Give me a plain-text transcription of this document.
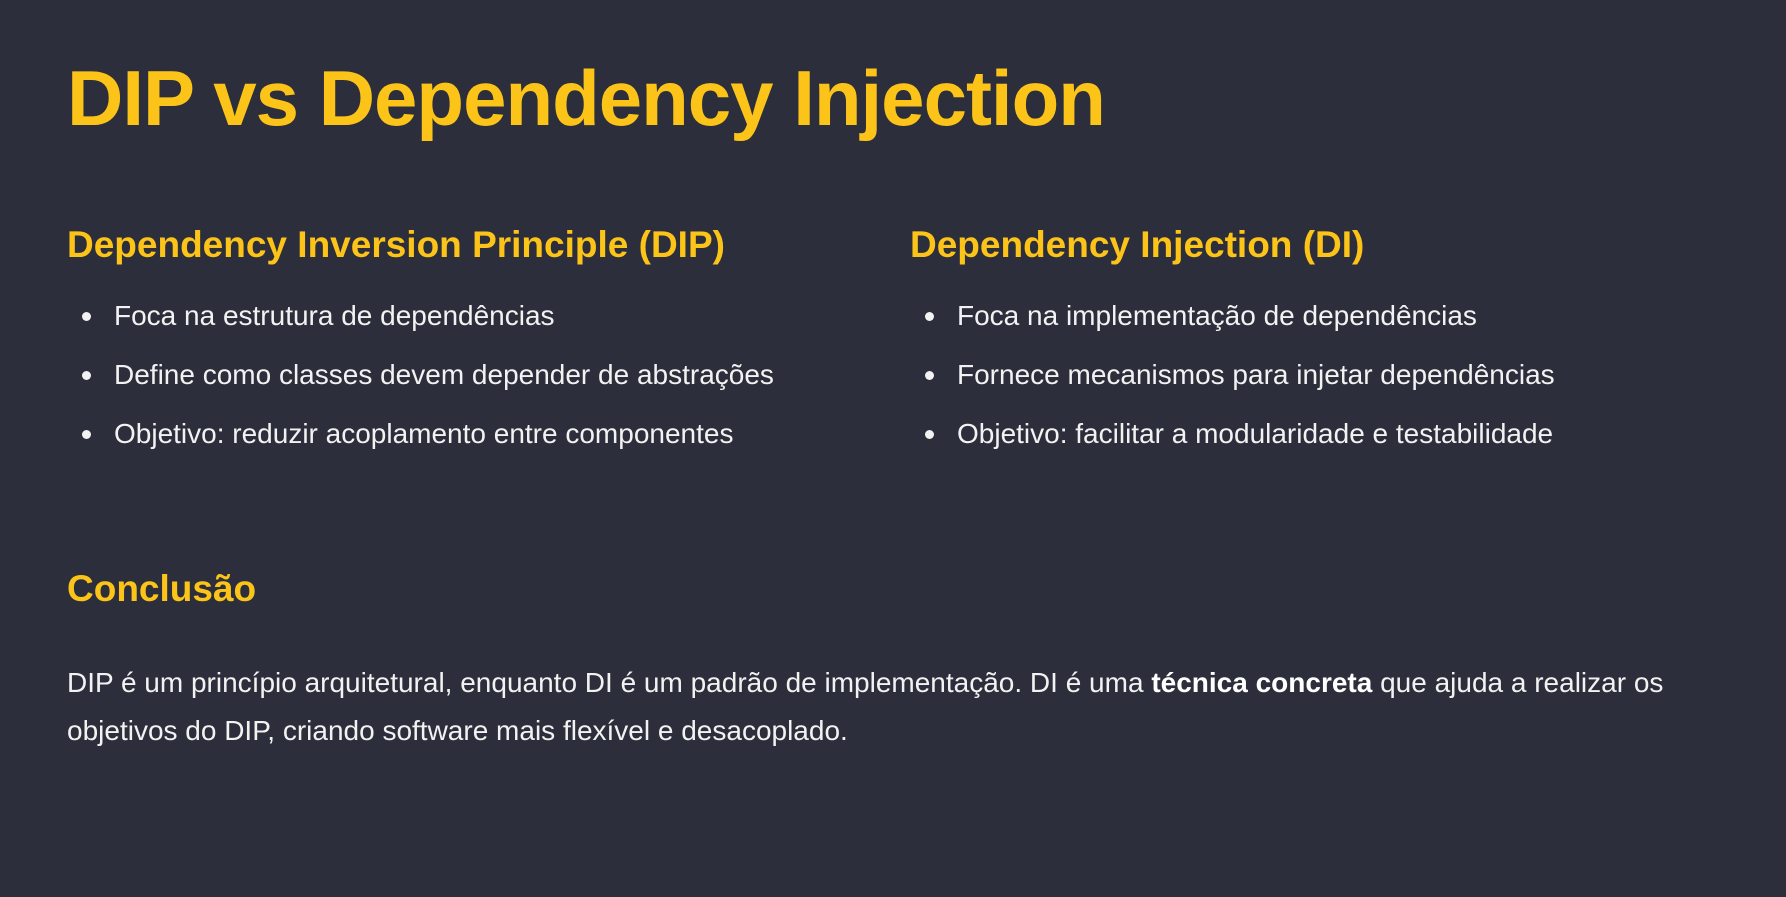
DIP vs Dependency Injection
Dependency Inversion Principle (DIP)
Foca na estrutura de dependências
Define como classes devem depender de abstrações
Objetivo: reduzir acoplamento entre componentes
Dependency Injection (DI)
Foca na implementação de dependências
Fornece mecanismos para injetar dependências
Objetivo: facilitar a modularidade e testabilidade
Conclusão

DIP é um princípio arquitetural, enquanto DI é um padrão de implementação. DI é uma técnica concreta que ajuda a realizar os objetivos do DIP, criando software mais flexível e desacoplado.
